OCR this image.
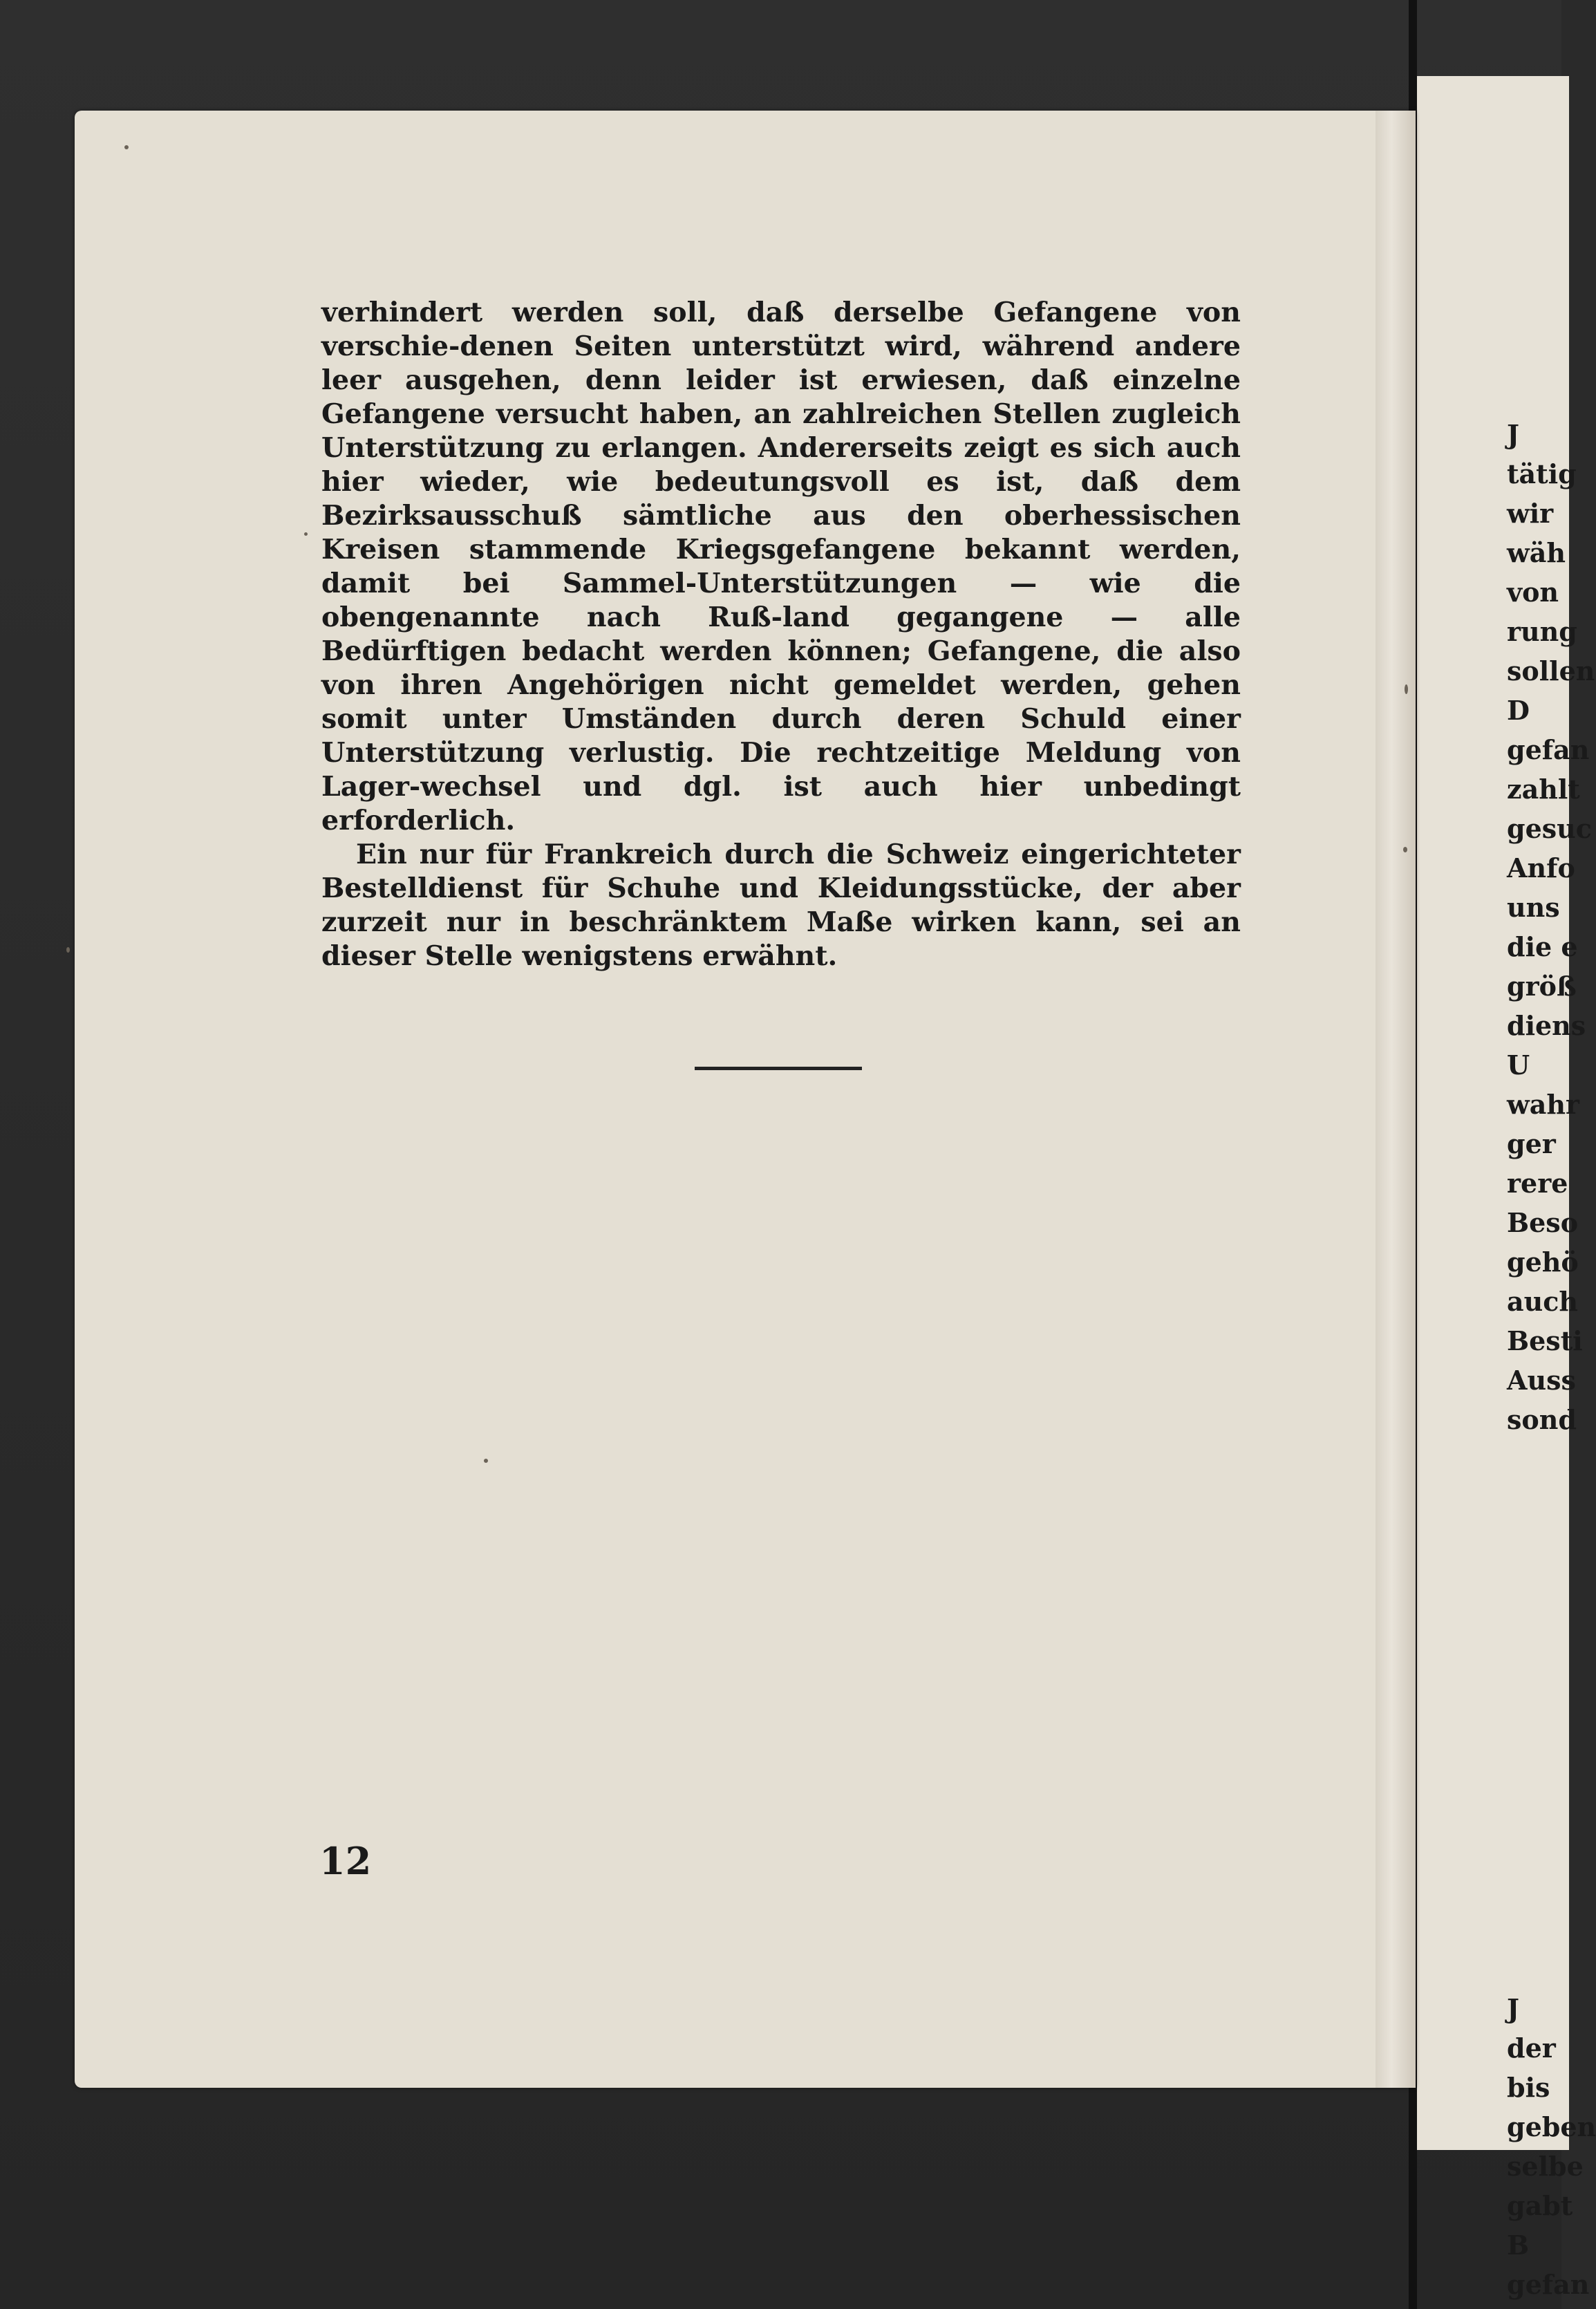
J
tätig
wir
wäh
von
rung
sollen
D
gefan
zahlt
gesuc
Anfo
uns
die e
größ
diens
U
wahr
ger
rere
Beso
gehö
auch
Besti
Auss
sond
J
der
bis
geben
selbe
gabt
B
gefan

verhindert werden soll, daß derselbe Gefangene von verschie-denen Seiten unterstützt wird, während andere leer ausgehen, denn leider ist erwiesen, daß einzelne Gefangene versucht haben, an zahlreichen Stellen zugleich Unterstützung zu erlangen. Andererseits zeigt es sich auch hier wieder, wie bedeutungsvoll es ist, daß dem Bezirksausschuß sämtliche aus den oberhessischen Kreisen stammende Kriegsgefangene bekannt werden, damit bei Sammel-Unterstützungen — wie die obengenannte nach Ruß-land gegangene — alle Bedürftigen bedacht werden können; Gefangene, die also von ihren Angehörigen nicht gemeldet werden, gehen somit unter Umständen durch deren Schuld einer Unterstützung verlustig. Die rechtzeitige Meldung von Lager-wechsel und dgl. ist auch hier unbedingt erforderlich.

Ein nur für Frankreich durch die Schweiz eingerichteter Bestelldienst für Schuhe und Kleidungsstücke, der aber zurzeit nur in beschränktem Maße wirken kann, sei an dieser Stelle wenigstens erwähnt.

12
